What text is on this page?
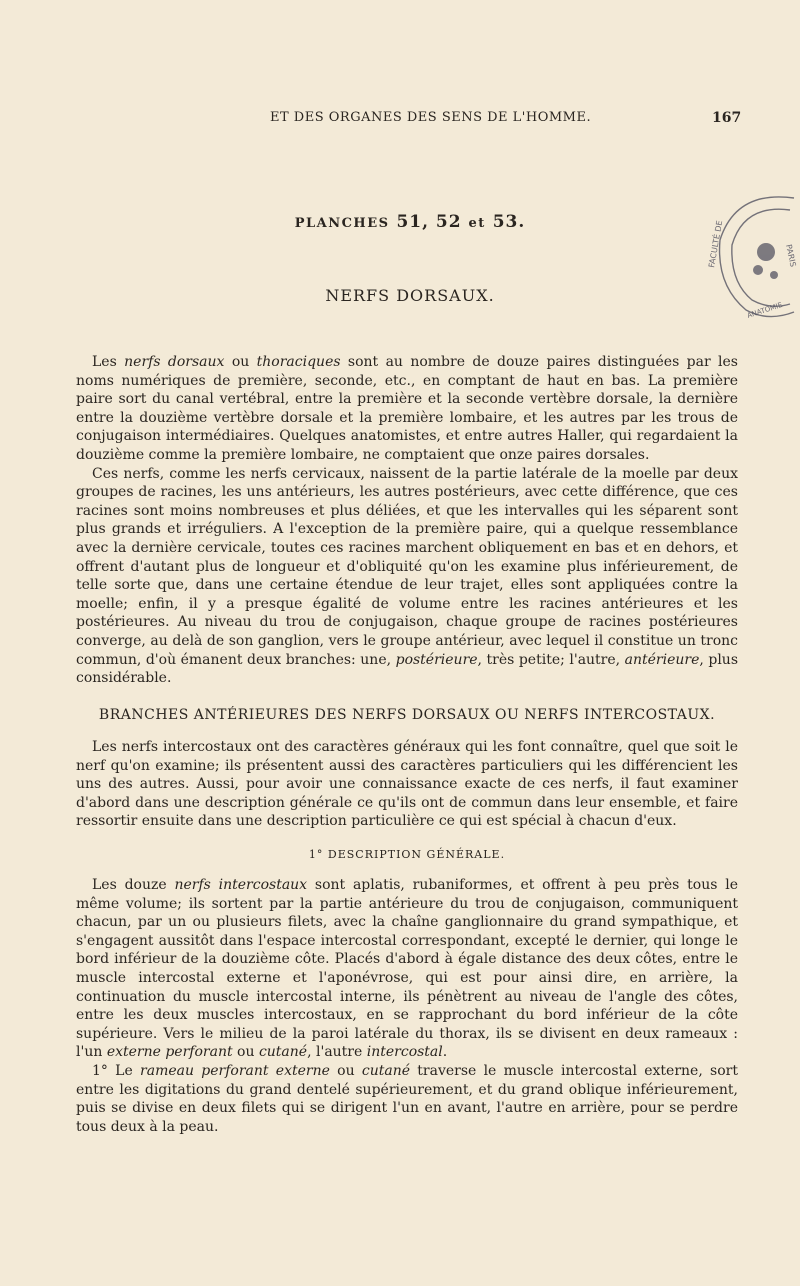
ET DES ORGANES DES SENS DE L'HOMME.	167
PLANCHES 51, 52 et 53.	FACULTÉ DE	PARIS
ANATOMIE
NERFS DORSAUX.

Les nerfs dorsaux ou thoraciques sont au nombre de douze paires distinguées par les noms numériques de première, seconde, etc., en comptant de haut en bas. La première paire sort du canal vertébral, entre la première et la seconde vertèbre dorsale, la dernière entre la douzième vertèbre dorsale et la première lombaire, et les autres par les trous de conjugaison intermédiaires. Quelques anatomistes, et entre autres Haller, qui regardaient la douzième comme la première lombaire, ne comptaient que onze paires dorsales.

Ces nerfs, comme les nerfs cervicaux, naissent de la partie latérale de la moelle par deux groupes de racines, les uns antérieurs, les autres postérieurs, avec cette différence, que ces racines sont moins nombreuses et plus déliées, et que les intervalles qui les séparent sont plus grands et irréguliers. A l'exception de la première paire, qui a quelque ressemblance avec la dernière cervicale, toutes ces racines marchent obliquement en bas et en dehors, et offrent d'autant plus de longueur et d'obliquité qu'on les examine plus inférieurement, de telle sorte que, dans une certaine étendue de leur trajet, elles sont appliquées contre la moelle; enfin, il y a presque égalité de volume entre les racines antérieures et les postérieures. Au niveau du trou de conjugaison, chaque groupe de racines postérieures converge, au delà de son ganglion, vers le groupe antérieur, avec lequel il constitue un tronc commun, d'où émanent deux branches: une, postérieure, très petite; l'autre, antérieure, plus considérable.

BRANCHES ANTÉRIEURES DES NERFS DORSAUX OU NERFS INTERCOSTAUX.

Les nerfs intercostaux ont des caractères généraux qui les font connaître, quel que soit le nerf qu'on examine; ils présentent aussi des caractères particuliers qui les différencient les uns des autres. Aussi, pour avoir une connaissance exacte de ces nerfs, il faut examiner d'abord dans une description générale ce qu'ils ont de commun dans leur ensemble, et faire ressortir ensuite dans une description particulière ce qui est spécial à chacun d'eux.

1° DESCRIPTION GÉNÉRALE.

Les douze nerfs intercostaux sont aplatis, rubaniformes, et offrent à peu près tous le même volume; ils sortent par la partie antérieure du trou de conjugaison, communiquent chacun, par un ou plusieurs filets, avec la chaîne ganglionnaire du grand sympathique, et s'engagent aussitôt dans l'espace intercostal correspondant, excepté le dernier, qui longe le bord inférieur de la douzième côte. Placés d'abord à égale distance des deux côtes, entre le muscle intercostal externe et l'aponévrose, qui est pour ainsi dire, en arrière, la continuation du muscle intercostal interne, ils pénètrent au niveau de l'angle des côtes, entre les deux muscles intercostaux, en se rapprochant du bord inférieur de la côte supérieure. Vers le milieu de la paroi latérale du thorax, ils se divisent en deux rameaux : l'un externe perforant ou cutané, l'autre intercostal.

1° Le rameau perforant externe ou cutané traverse le muscle intercostal externe, sort entre les digitations du grand dentelé supérieurement, et du grand oblique inférieurement, puis se divise en deux filets qui se dirigent l'un en avant, l'autre en arrière, pour se perdre tous deux à la peau.
